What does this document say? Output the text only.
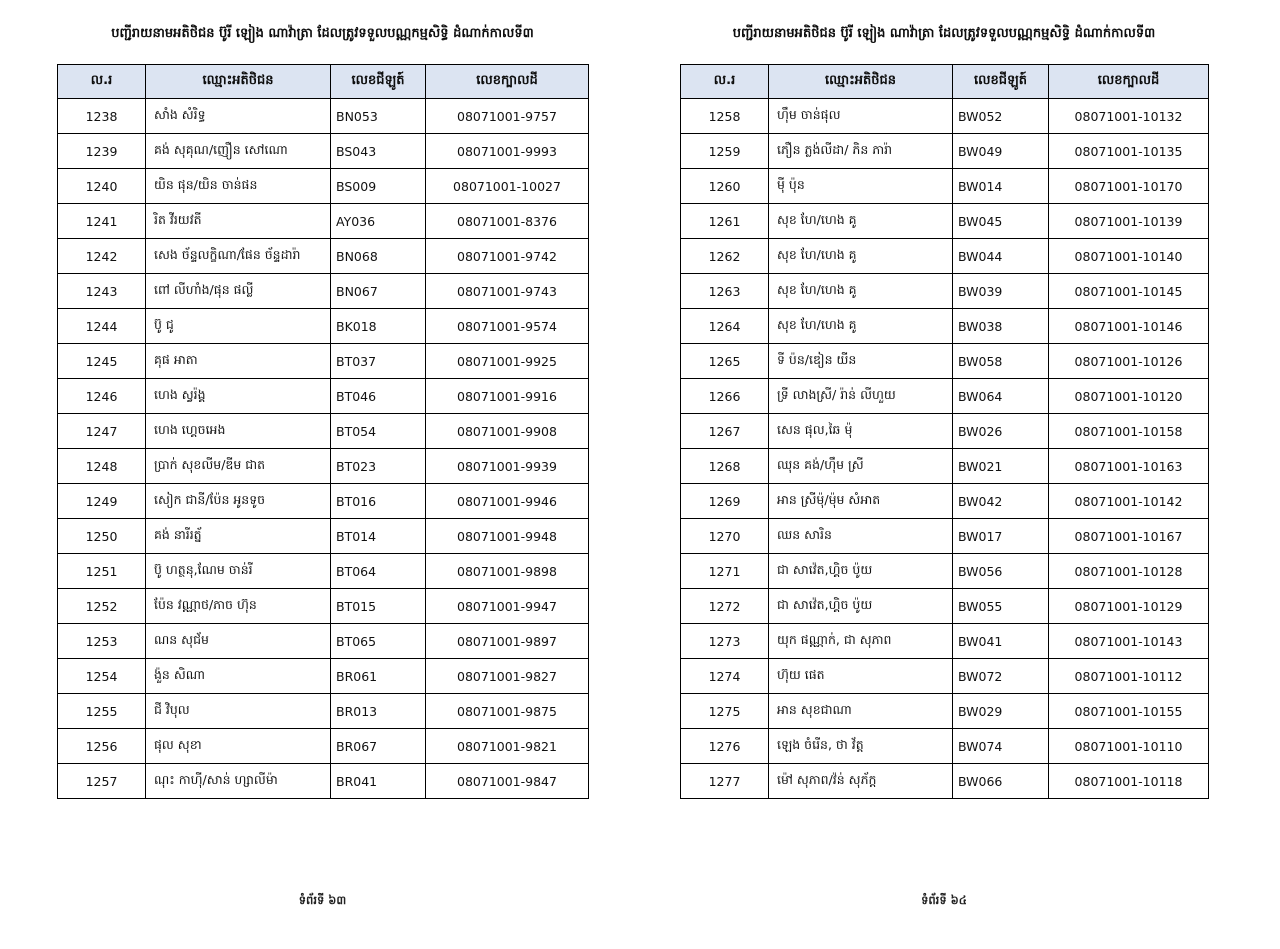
បញ្ជីរាយនាមអតិថិជន ប៊ូរី ឡៀង ណាវ៉ាត្រា ដែលត្រូវទទួលបណ្ណកម្មសិទ្ធិ ដំណាក់កាលទី៣
ល.រ	ឈ្មោះអតិថិជន	លេខជីឡូត៍	លេខក្បាលដី
1238	សាំង សំរិទ្ធ	BN053	08071001-9757
1239	គង់ សុគុណ/ញឿន សៅណោ	BS043	08071001-9993
1240	យិន ផុន/យិន ចាន់ផន	BS009	08071001-10027
1241	រិត វីរយវតី	AY036	08071001-8376
1242	សេង ច័ន្ទលក្ខិណា/ផែន ច័ន្ទដារ៉ា	BN068	08071001-9742
1243	ពៅ លីហាំង/ផុន ផល្លី	BN067	08071001-9743
1244	ប៊ូ ជូ	BK018	08071001-9574
1245	គុផ អាតា	BT037	08071001-9925
1246	ហេង ស្វរ៉ង្គ	BT046	08071001-9916
1247	ហេង ហ្គេចអេង	BT054	08071001-9908
1248	ប្រាក់ សុខលីម/ឌីម ជាត	BT023	08071001-9939
1249	សៀក ជានី/ប៉ែន អូនទូច	BT016	08071001-9946
1250	គង់ នារីរត្ន័	BT014	08071001-9948
1251	ប៊ូ ហត្ថនុ,ណែម ចាន់រី	BT064	08071001-9898
1252	ប៉ែន វណ្ណាថ/ភាច ហ៊ុន	BT015	08071001-9947
1253	ណន សុជ័ម	BT065	08071001-9897
1254	ង៉ួន សិណា	BR061	08071001-9827
1255	ជី វិបុល	BR013	08071001-9875
1256	ផុល សុខា	BR067	08071001-9821
1257	ណុះ កាហ៊ី/សាន់ ហ្សាលីម៉ា	BR041	08071001-9847
បញ្ជីរាយនាមអតិថិជន ប៊ូរី ឡៀង ណាវ៉ាត្រា ដែលត្រូវទទួលបណ្ណកម្មសិទ្ធិ ដំណាក់កាលទី៣
ល.រ	ឈ្មោះអតិថិជន	លេខជីឡូត៍	លេខក្បាលដី
1258	ហ៊ឹម ចាន់ផុល	BW052	08071001-10132
1259	ភឿន ភ្លង់លីដា/ ភិន ភារ៉ា	BW049	08071001-10135
1260	ម៉ី ប៉ុន	BW014	08071001-10170
1261	សុខ ហែ/ហេង គូ	BW045	08071001-10139
1262	សុខ ហែ/ហេង គូ	BW044	08071001-10140
1263	សុខ ហែ/ហេង គូ	BW039	08071001-10145
1264	សុខ ហែ/ហេង គូ	BW038	08071001-10146
1265	ទី ប៉ន/ឌៀន យីន	BW058	08071001-10126
1266	ទ្រី លាងស្រី/ រ៉ាន់ លីហួយ	BW064	08071001-10120
1267	សេន ផុល,ឆៃ ម៉ុ	BW026	08071001-10158
1268	ឈុន គង់/ហ៊ឹម ស្រី	BW021	08071001-10163
1269	អាន ស្រីម៉ុ/ម៉ុម សំអាត	BW042	08071001-10142
1270	ឈន សារិន	BW017	08071001-10167
1271	ជា សាវ៉េត,ហ្គិច ប៉ូយ	BW056	08071001-10128
1272	ជា សាវ៉េត,ហ្គិច ប៉ូយ	BW055	08071001-10129
1273	យុក ផណ្ណាក់, ជា សុភាព	BW041	08071001-10143
1274	ហ៊ុយ ផេត	BW072	08071001-10112
1275	អាន សុខជាណា	BW029	08071001-10155
1276	ឡេង ចំរើន, ថា វ័ត្ត	BW074	08071001-10110
1277	ម៉ៅ សុភាព/វ៉ន់ សុភ័ក្ត	BW066	08071001-10118
ទំព័រទី ៦៣	ទំព័រទី ៦៤
